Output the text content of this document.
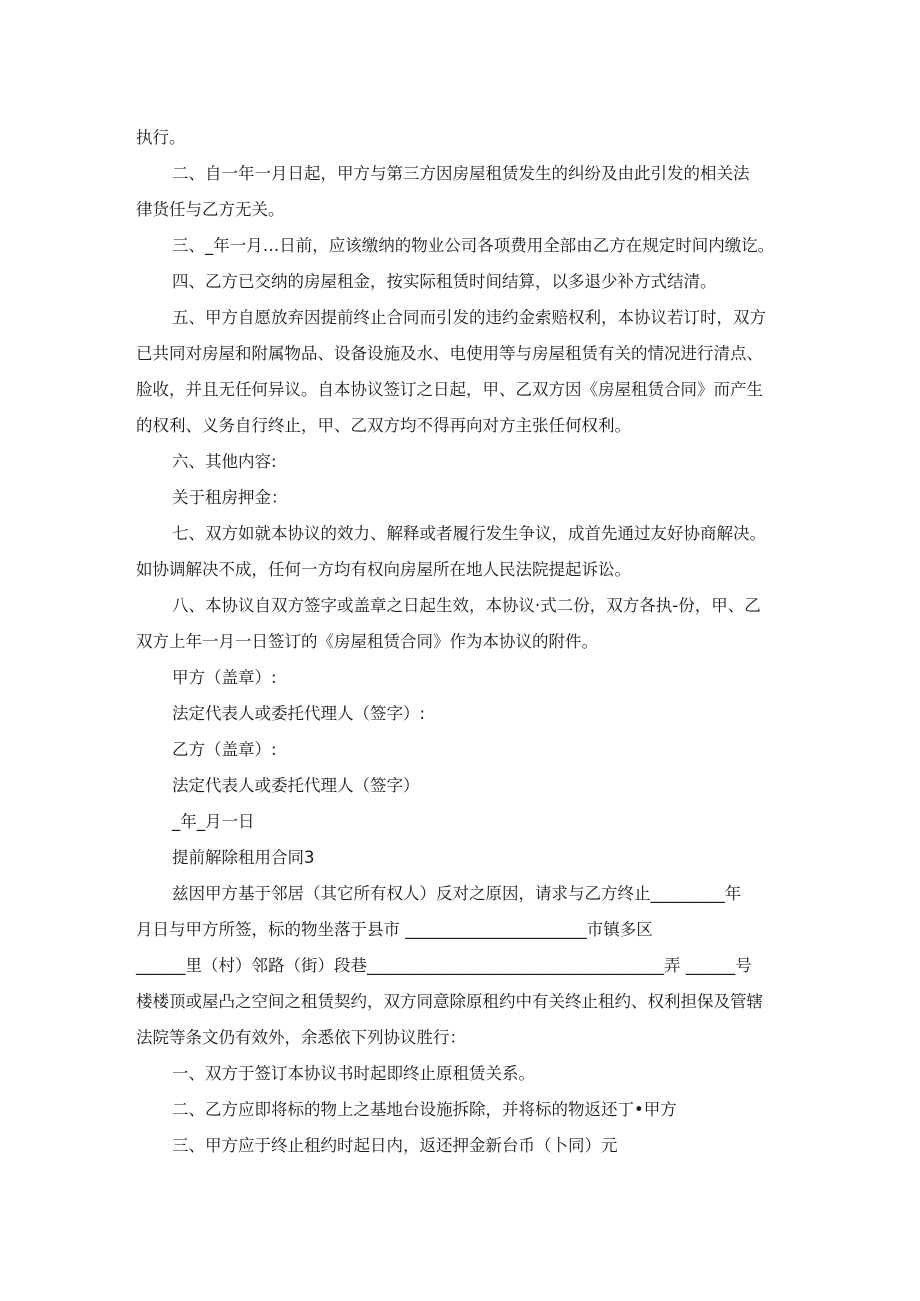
执行。
二、自一年一月日起，甲方与第三方因房屋租赁发生的纠纷及由此引发的相关法
律货任与乙方无关。
三、_年一月…日前，应该缴纳的物业公司各项费用全部由乙方在规定时间内缴讫。
四、乙方已交纳的房屋租金，按实际租赁时间结算，以多退少补方式结清。
五、甲方自愿放弃因提前终止合同而引发的违约金索赔权利，本协议若订时，双方
已共同对房屋和附属物品、设备设施及水、电使用等与房屋租赁有关的情况进行清点、
脸收，并且无任何异议。自本协议签订之日起，甲、乙双方因《房屋租赁合同》而产生
的权利、义务自行终止，甲、乙双方均不得再向对方主张任何权利。
六、其他内容:
关于租房押金：
七、双方如就本协议的效力、解释或者履行发生争议，成首先通过友好协商解决。
如协调解决不成，任何一方均有权向房屋所在地人民法院提起诉讼。
八、本协议自双方签字或盖章之日起生效，本协议·式二份，双方各执-份，甲、乙
双方上年一月一日签订的《房屋租赁合同》作为本协议的附件。
甲方（盖章）:
法定代表人或委托代理人（签字）:
乙方（盖章）:
法定代表人或委托代理人（签字）
_年_月一日
提前解除租用合同3
兹因甲方基于邻居（其它所有权人）反对之原因，请求与乙方终止_________年
月日与甲方所签，标的物坐落于县市 ______________________市镇多区
______里（村）邻路（街）段巷____________________________________弄 ______号
楼楼顶或屋凸之空间之租赁契约，双方同意除原租约中有关终止租约、权利担保及管辖
法院等条文仍有效外，余悉依下列协议胜行：
一、双方于签订本协议书时起即终止原租赁关系。
二、乙方应即将标的物上之基地台设施拆除，并将标的物返还丁•甲方
三、甲方应于终止租约时起日内，返还押金新台币（卜同）元
